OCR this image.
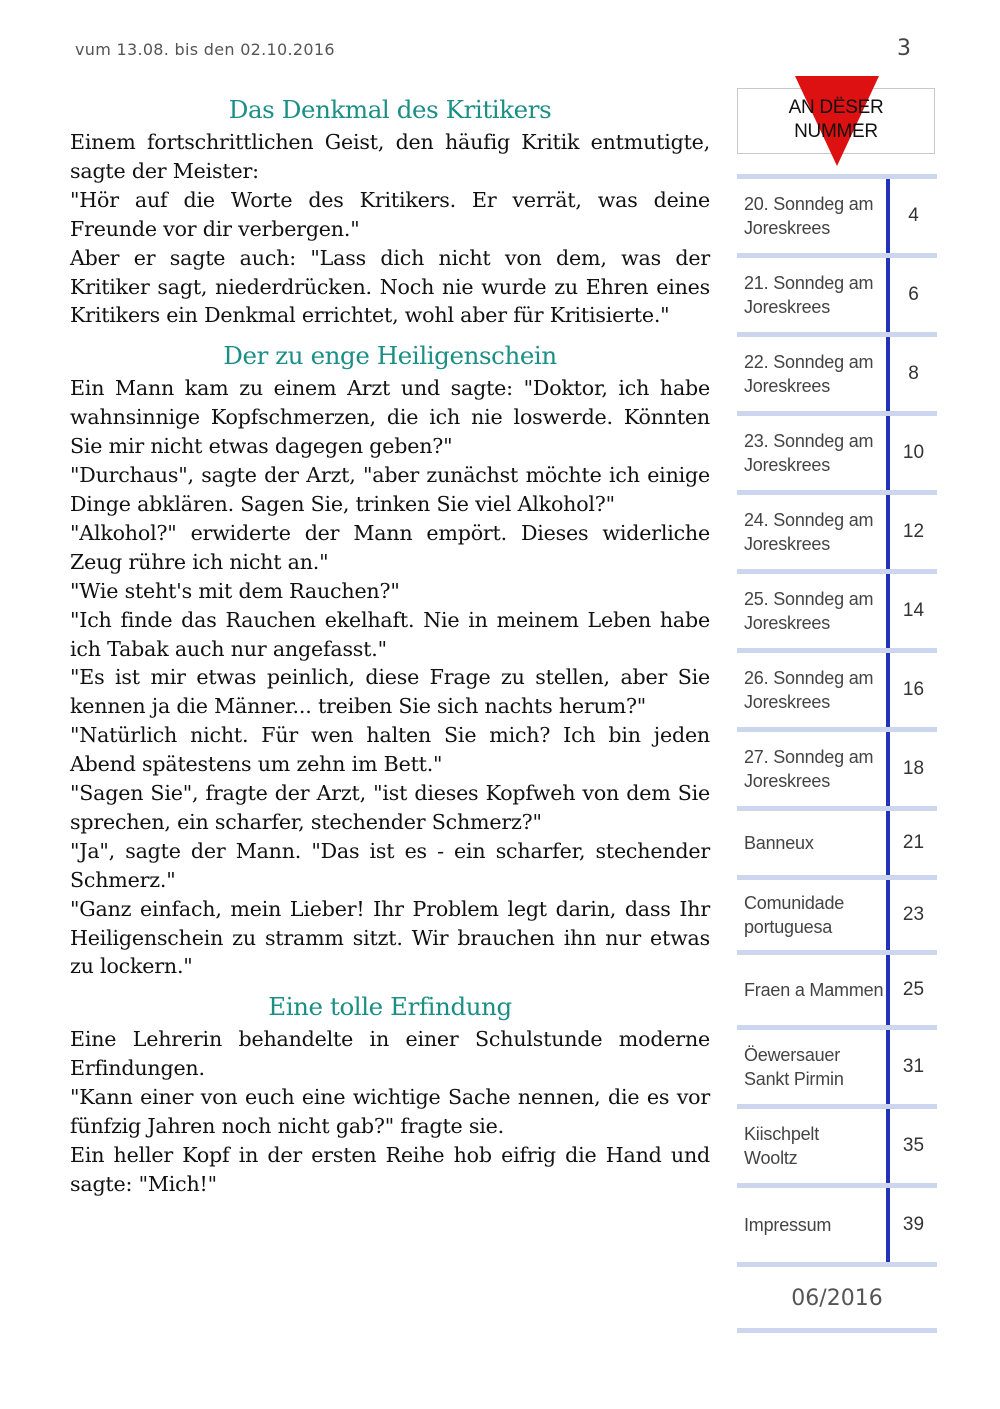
vum 13.08. bis den 02.10.2016	3
Das Denkmal des Kritikers

Einem fortschrittlichen Geist, den häufig Kritik entmutigte, sagte der Meister:

"Hör auf die Worte des Kritikers. Er verrät, was deine Freunde vor dir verbergen."

Aber er sagte auch: "Lass dich nicht von dem, was der Kritiker sagt, niederdrücken. Noch nie wurde zu Ehren eines Kritikers ein Denkmal errichtet, wohl aber für Kritisierte."

Der zu enge Heiligenschein

Ein Mann kam zu einem Arzt und sagte: "Doktor, ich habe wahnsinnige Kopfschmerzen, die ich nie loswerde. Könnten Sie mir nicht etwas dagegen geben?"

"Durchaus", sagte der Arzt, "aber zunächst möchte ich einige Dinge abklären. Sagen Sie, trinken Sie viel Alkohol?"

"Alkohol?" erwiderte der Mann empört. Dieses widerliche Zeug rühre ich nicht an."

"Wie steht's mit dem Rauchen?"

"Ich finde das Rauchen ekelhaft. Nie in meinem Leben habe ich Tabak auch nur angefasst."

"Es ist mir etwas peinlich, diese Frage zu stellen, aber Sie kennen ja die Männer... treiben Sie sich nachts herum?"

"Natürlich nicht. Für wen halten Sie mich? Ich bin jeden Abend spätestens um zehn im Bett."

"Sagen Sie", fragte der Arzt, "ist dieses Kopfweh von dem Sie sprechen, ein scharfer, stechender Schmerz?"

"Ja", sagte der Mann. "Das ist es - ein scharfer, stechender Schmerz."

"Ganz einfach, mein Lieber! Ihr Problem legt darin, dass Ihr Heiligenschein zu stramm sitzt. Wir brauchen ihn nur etwas zu lockern."

Eine tolle Erfindung

Eine Lehrerin behandelte in einer Schulstunde moderne Erfindungen.

"Kann einer von euch eine wichtige Sache nennen, die es vor fünfzig Jahren noch nicht gab?" fragte sie.

Ein heller Kopf in der ersten Reihe hob eifrig die Hand und sagte: "Mich!"

AN DËSER
NUMMER
20. Sonndeg am
Joreskrees
4
21. Sonndeg am
Joreskrees
6
22. Sonndeg am
Joreskrees
8
23. Sonndeg am
Joreskrees
10
24. Sonndeg am
Joreskrees
12
25. Sonndeg am
Joreskrees
14
26. Sonndeg am
Joreskrees
16
27. Sonndeg am
Joreskrees
18
Banneux	21
Comunidade
portuguesa
23
Fraen a Mammen	25
Öewersauer
Sankt Pirmin
31
Kiischpelt
Wooltz
35
Impressum	39
06/2016
